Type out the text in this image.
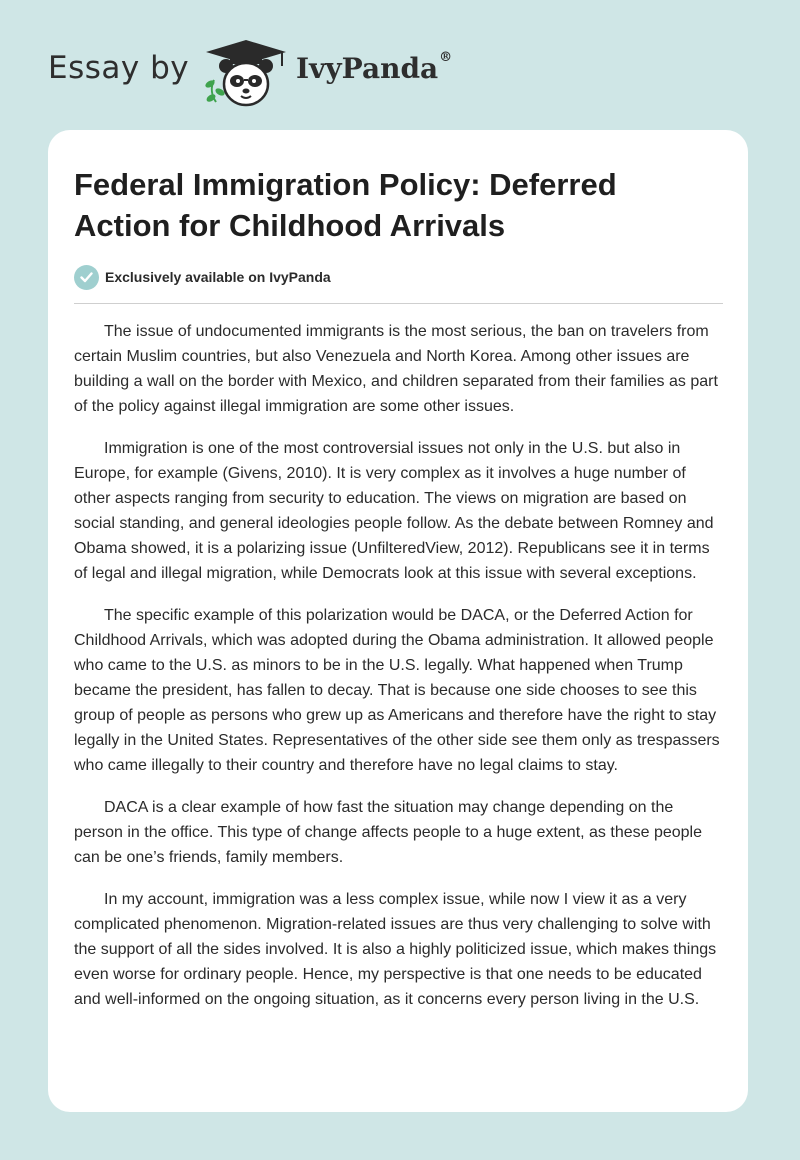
Essay by	IvyPanda®
Federal Immigration Policy: Deferred Action for Childhood Arrivals
Exclusively available on IvyPanda

The issue of undocumented immigrants is the most serious, the ban on travelers from certain Muslim countries, but also Venezuela and North Korea. Among other issues are building a wall on the border with Mexico, and children separated from their families as part of the policy against illegal immigration are some other issues.

Immigration is one of the most controversial issues not only in the U.S. but also in Europe, for example (Givens, 2010). It is very complex as it involves a huge number of other aspects ranging from security to education. The views on migration are based on social standing, and general ideologies people follow. As the debate between Romney and Obama showed, it is a polarizing issue (UnfilteredView, 2012). Republicans see it in terms of legal and illegal migration, while Democrats look at this issue with several exceptions.

The specific example of this polarization would be DACA, or the Deferred Action for Childhood Arrivals, which was adopted during the Obama administration. It allowed people who came to the U.S. as minors to be in the U.S. legally. What happened when Trump became the president, has fallen to decay. That is because one side chooses to see this group of people as persons who grew up as Americans and therefore have the right to stay legally in the United States. Representatives of the other side see them only as trespassers who came illegally to their country and therefore have no legal claims to stay.

DACA is a clear example of how fast the situation may change depending on the person in the office. This type of change affects people to a huge extent, as these people can be one’s friends, family members.

In my account, immigration was a less complex issue, while now I view it as a very complicated phenomenon. Migration-related issues are thus very challenging to solve with the support of all the sides involved. It is also a highly politicized issue, which makes things even worse for ordinary people. Hence, my perspective is that one needs to be educated and well-informed on the ongoing situation, as it concerns every person living in the U.S.
